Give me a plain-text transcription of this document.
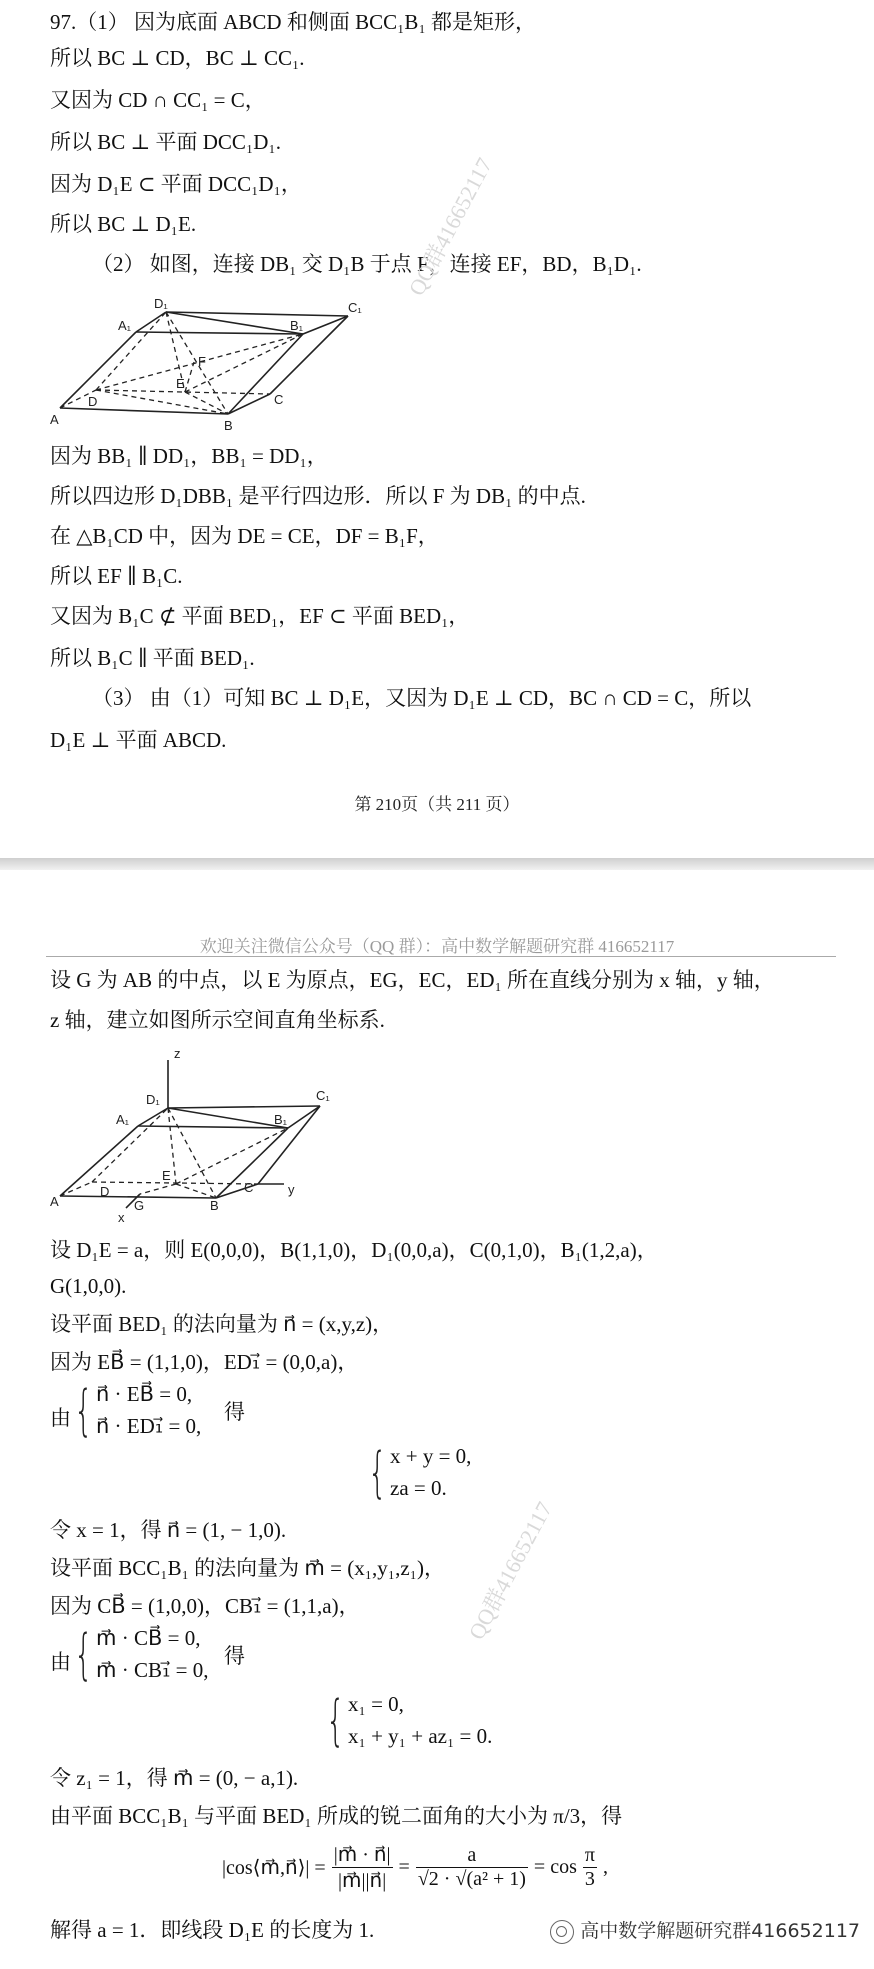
97.（1） 因为底面 ABCD 和侧面 BCC₁B₁ 都是矩形，
所以 BC ⊥ CD，BC ⊥ CC₁.
又因为 CD ∩ CC₁ = C，
所以 BC ⊥ 平面 DCC₁D₁.
因为 D₁E ⊂ 平面 DCC₁D₁，
所以 BC ⊥ D₁E.
（2） 如图，连接 DB₁ 交 D₁B 于点 F，连接 EF，BD，B₁D₁.
D₁
A₁	B₁
C₁
F
E
D	C
A	B
因为 BB₁ ∥ DD₁，BB₁ = DD₁，
所以四边形 D₁DBB₁ 是平行四边形．所以 F 为 DB₁ 的中点.
在 △B₁CD 中，因为 DE = CE，DF = B₁F，
所以 EF ∥ B₁C.
又因为 B₁C ⊄ 平面 BED₁，EF ⊂ 平面 BED₁，
所以 B₁C ∥ 平面 BED₁.
（3） 由（1）可知 BC ⊥ D₁E，又因为 D₁E ⊥ CD，BC ∩ CD = C，所以
D₁E ⊥ 平面 ABCD.
第 210页（共 211 页）
欢迎关注微信公众号（QQ 群）：高中数学解题研究群 416652117
设 G 为 AB 的中点，以 E 为原点，EG，EC，ED₁ 所在直线分别为 x 轴，y 轴，
z 轴，建立如图所示空间直角坐标系.
z
D₁	C₁
A₁	B₁
E
D	C	y
A	G	B
x
设 D₁E = a，则 E(0,0,0)，B(1,1,0)，D₁(0,0,a)，C(0,1,0)，B₁(1,2,a)，
G(1,0,0).
设平面 BED₁ 的法向量为 n⃗ = (x,y,z)，
因为 EB⃗ = (1,1,0)，ED₁⃗ = (0,0,a)，
由 { n⃗ · EB⃗ = 0,
n⃗ · ED₁⃗ = 0,
得
{ x + y = 0,
za = 0.
令 x = 1，得 n⃗ = (1, − 1,0).
设平面 BCC₁B₁ 的法向量为 m⃗ = (x₁,y₁,z₁)，
因为 CB⃗ = (1,0,0)，CB₁⃗ = (1,1,a)，
由 { m⃗ · CB⃗ = 0,
m⃗ · CB₁⃗ = 0,
得
{ x₁ = 0,
x₁ + y₁ + az₁ = 0.
令 z₁ = 1，得 m⃗ = (0, − a,1).
由平面 BCC₁B₁ 与平面 BED₁ 所成的锐二面角的大小为 π/3，得
|cos⟨m⃗,n⃗⟩| = $\frac{|m⃗ \cdot n⃗|}{|m⃗||n⃗|} = \frac{a}{\text{√2 · √(a² + 1)}} = \cos \frac{\pi}{3}$ ,
解得 a = 1．即线段 D₁E 的长度为 1.	高中数学解题研究群416652117
QQ群416652117
QQ群416652117
